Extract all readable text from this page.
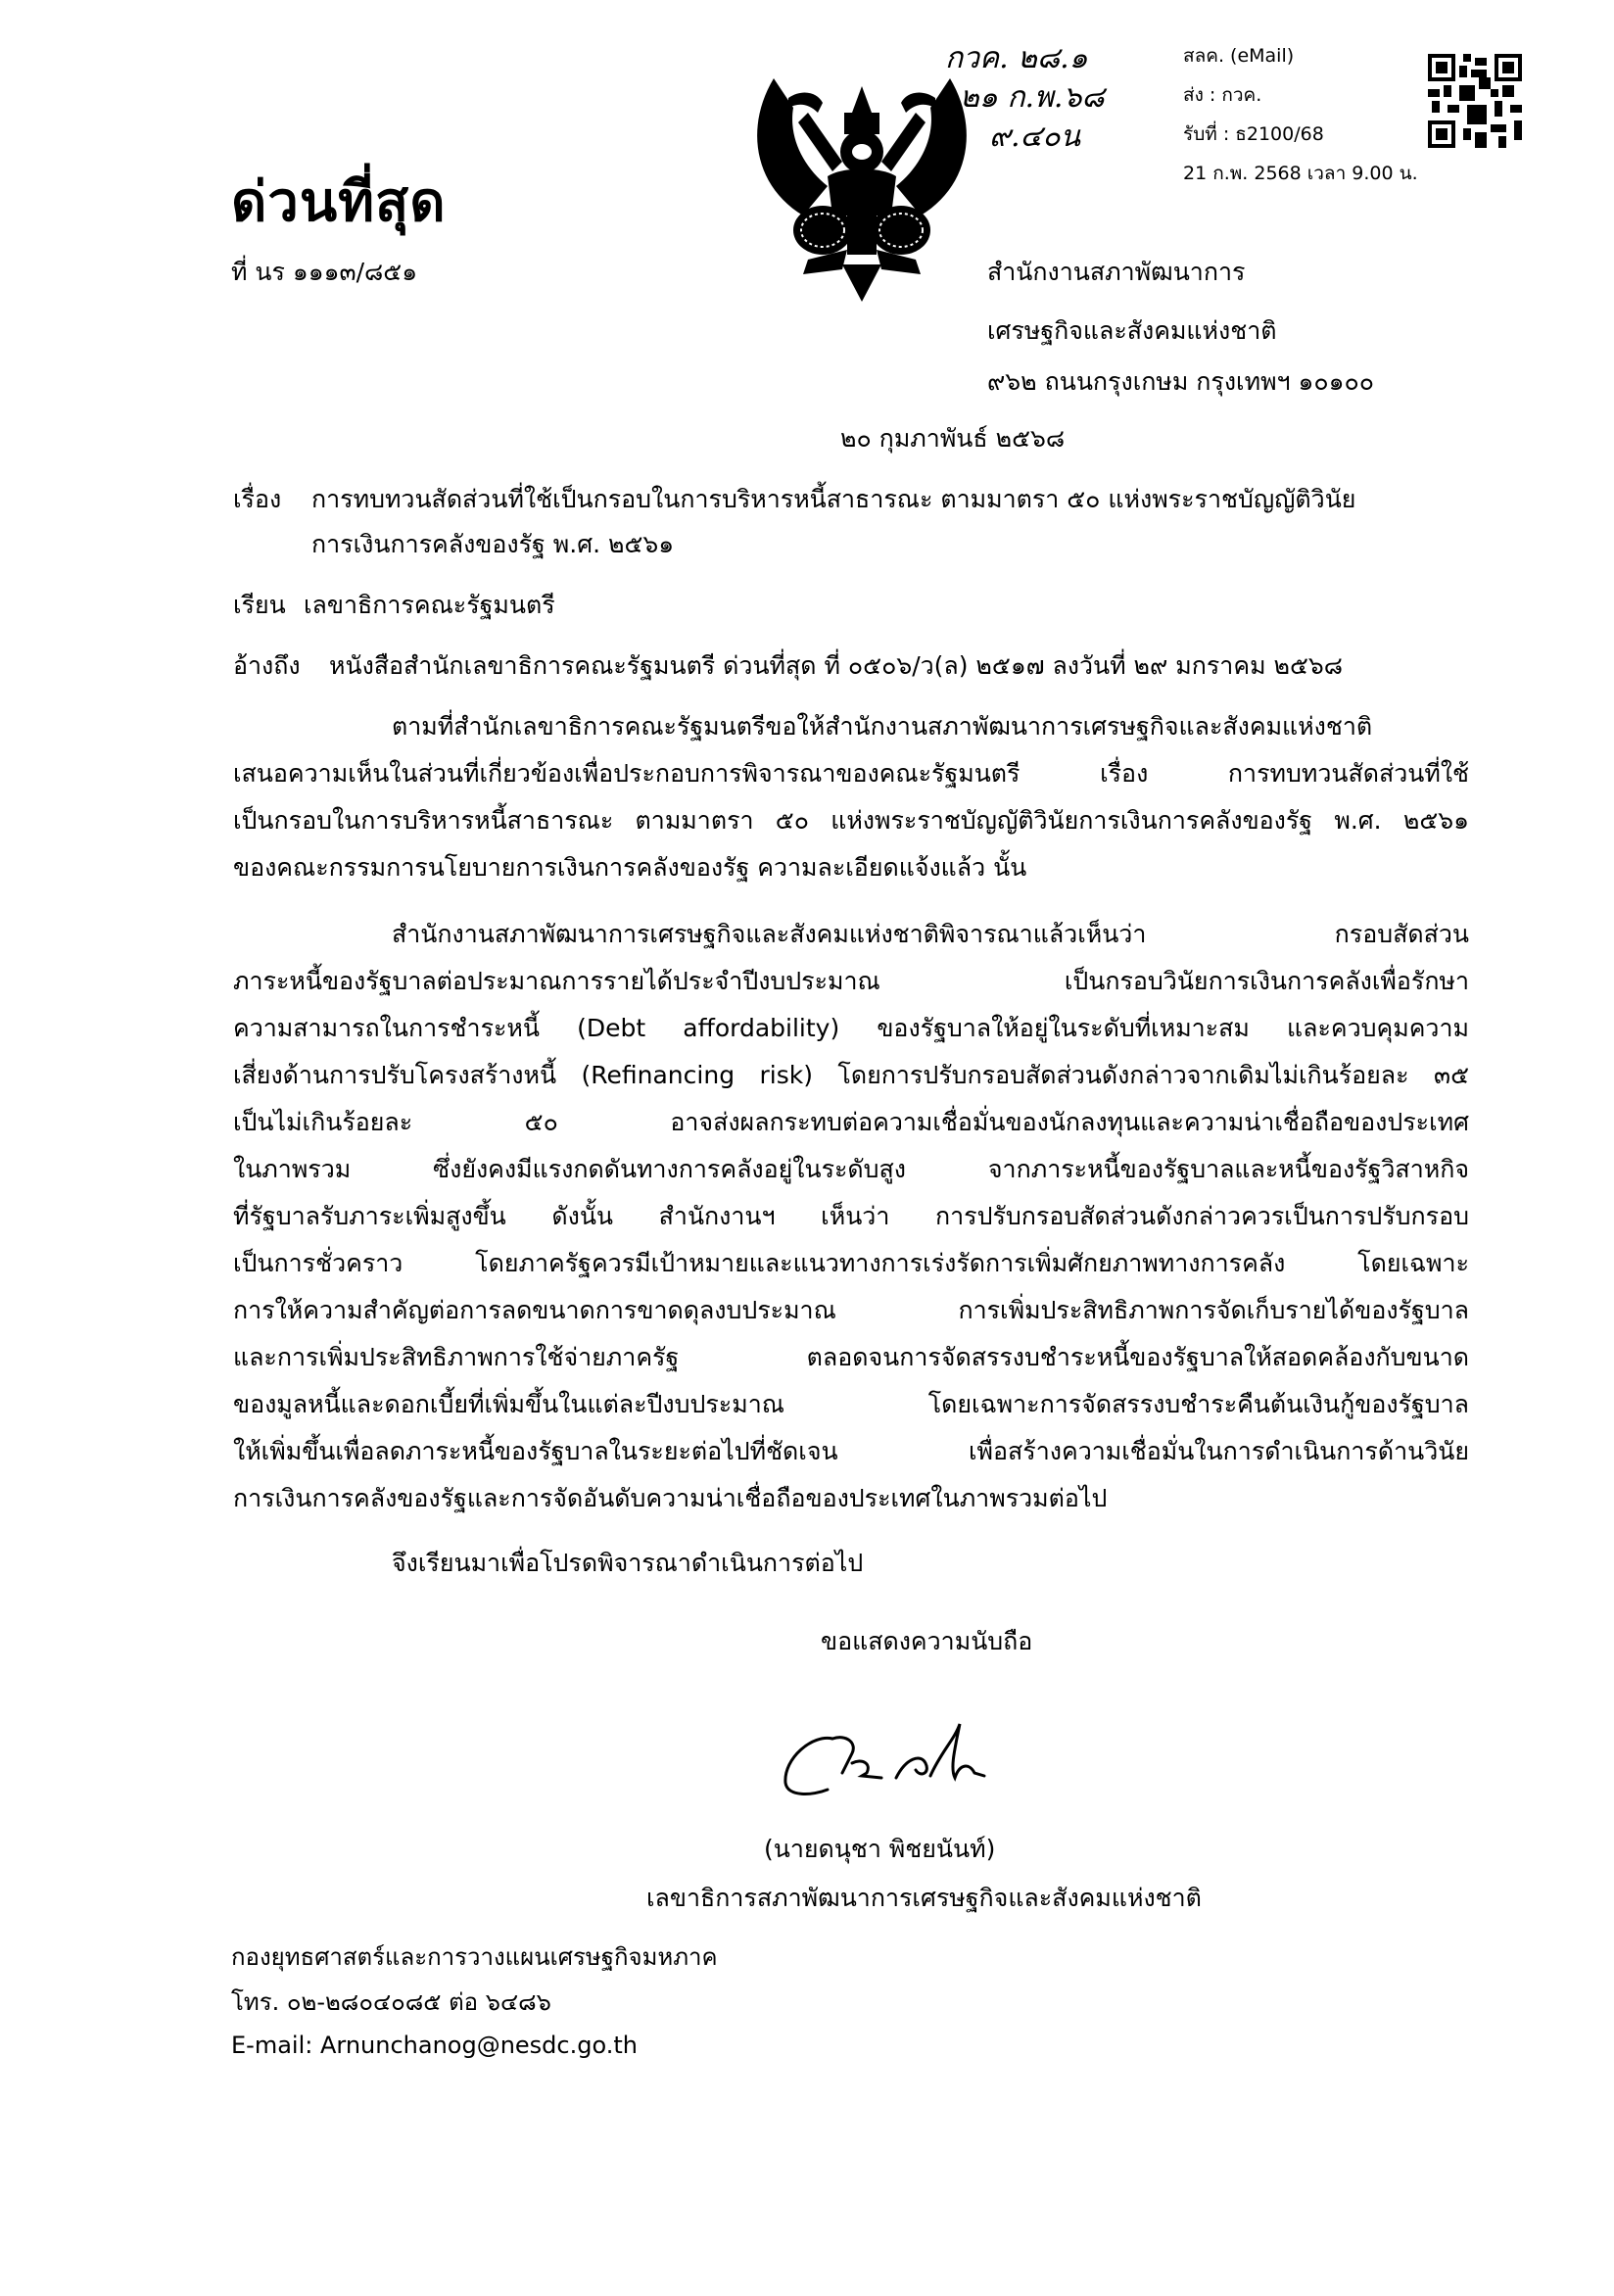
ด่วนที่สุด
ที่ นร ๑๑๑๓/๘๕๑
กวค. ๒๘.๑
๒๑ ก.พ.๖๘
๙.๔๐น
สลค. (eMail)
ส่ง : กวค.
รับที่ : ธ2100/68
21 ก.พ. 2568 เวลา 9.00 น.
สำนักงานสภาพัฒนาการ
เศรษฐกิจและสังคมแห่งชาติ
๙๖๒ ถนนกรุงเกษม กรุงเทพฯ ๑๐๑๐๐
๒๐ กุมภาพันธ์ ๒๕๖๘
เรื่อง การทบทวนสัดส่วนที่ใช้เป็นกรอบในการบริหารหนี้สาธารณะ ตามมาตรา ๕๐ แห่งพระราชบัญญัติวินัย
การเงินการคลังของรัฐ พ.ศ. ๒๕๖๑
เรียน เลขาธิการคณะรัฐมนตรี
อ้างถึง หนังสือสำนักเลขาธิการคณะรัฐมนตรี ด่วนที่สุด ที่ ๐๕๐๖/ว(ล) ๒๕๑๗ ลงวันที่ ๒๙ มกราคม ๒๕๖๘
ตามที่สำนักเลขาธิการคณะรัฐมนตรีขอให้สำนักงานสภาพัฒนาการเศรษฐกิจและสังคมแห่งชาติ
เสนอความเห็นในส่วนที่เกี่ยวข้องเพื่อประกอบการพิจารณาของคณะรัฐมนตรี เรื่อง การทบทวนสัดส่วนที่ใช้
เป็นกรอบในการบริหารหนี้สาธารณะ ตามมาตรา ๕๐ แห่งพระราชบัญญัติวินัยการเงินการคลังของรัฐ พ.ศ. ๒๕๖๑
ของคณะกรรมการนโยบายการเงินการคลังของรัฐ ความละเอียดแจ้งแล้ว นั้น
สำนักงานสภาพัฒนาการเศรษฐกิจและสังคมแห่งชาติพิจารณาแล้วเห็นว่า กรอบสัดส่วน
ภาระหนี้ของรัฐบาลต่อประมาณการรายได้ประจำปีงบประมาณ เป็นกรอบวินัยการเงินการคลังเพื่อรักษา
ความสามารถในการชำระหนี้ (Debt affordability) ของรัฐบาลให้อยู่ในระดับที่เหมาะสม และควบคุมความ
เสี่ยงด้านการปรับโครงสร้างหนี้ (Refinancing risk) โดยการปรับกรอบสัดส่วนดังกล่าวจากเดิมไม่เกินร้อยละ ๓๕
เป็นไม่เกินร้อยละ ๕๐ อาจส่งผลกระทบต่อความเชื่อมั่นของนักลงทุนและความน่าเชื่อถือของประเทศ
ในภาพรวม ซึ่งยังคงมีแรงกดดันทางการคลังอยู่ในระดับสูง จากภาระหนี้ของรัฐบาลและหนี้ของรัฐวิสาหกิจ
ที่รัฐบาลรับภาระเพิ่มสูงขึ้น ดังนั้น สำนักงานฯ เห็นว่า การปรับกรอบสัดส่วนดังกล่าวควรเป็นการปรับกรอบ
เป็นการชั่วคราว โดยภาครัฐควรมีเป้าหมายและแนวทางการเร่งรัดการเพิ่มศักยภาพทางการคลัง โดยเฉพาะ
การให้ความสำคัญต่อการลดขนาดการขาดดุลงบประมาณ การเพิ่มประสิทธิภาพการจัดเก็บรายได้ของรัฐบาล
และการเพิ่มประสิทธิภาพการใช้จ่ายภาครัฐ ตลอดจนการจัดสรรงบชำระหนี้ของรัฐบาลให้สอดคล้องกับขนาด
ของมูลหนี้และดอกเบี้ยที่เพิ่มขึ้นในแต่ละปีงบประมาณ โดยเฉพาะการจัดสรรงบชำระคืนต้นเงินกู้ของรัฐบาล
ให้เพิ่มขึ้นเพื่อลดภาระหนี้ของรัฐบาลในระยะต่อไปที่ชัดเจน เพื่อสร้างความเชื่อมั่นในการดำเนินการด้านวินัย
การเงินการคลังของรัฐและการจัดอันดับความน่าเชื่อถือของประเทศในภาพรวมต่อไป
จึงเรียนมาเพื่อโปรดพิจารณาดำเนินการต่อไป
ขอแสดงความนับถือ
(นายดนุชา พิชยนันท์)
เลขาธิการสภาพัฒนาการเศรษฐกิจและสังคมแห่งชาติ
กองยุทธศาสตร์และการวางแผนเศรษฐกิจมหภาค
โทร. ๐๒-๒๘๐๔๐๘๕ ต่อ ๖๔๘๖
E-mail: Arnunchanog@nesdc.go.th
